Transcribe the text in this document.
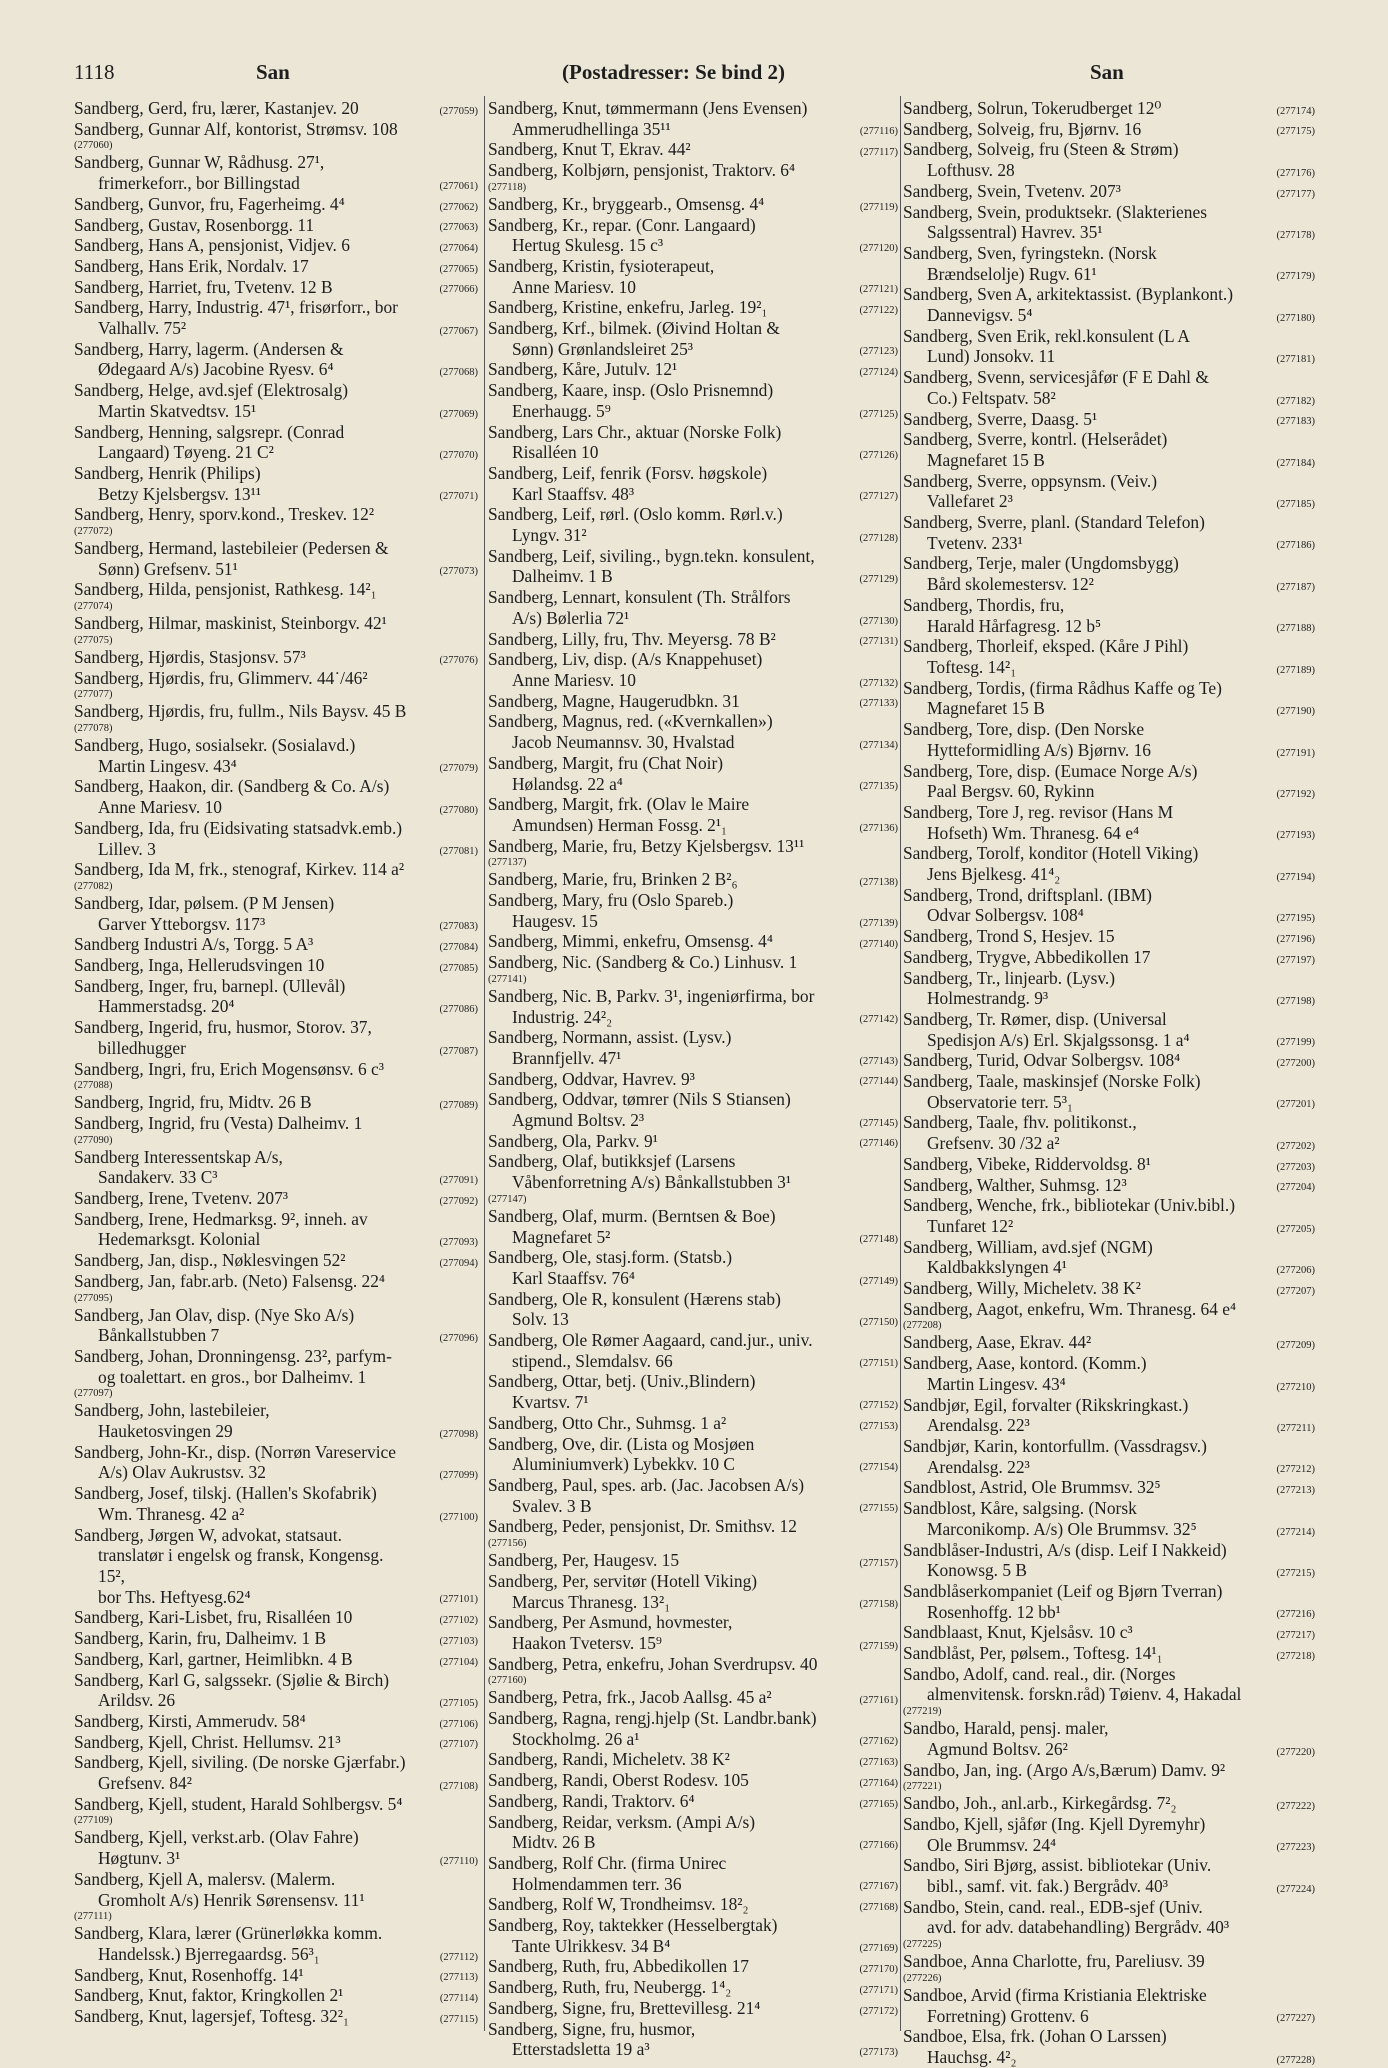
1118	San	(Postadresser: Se bind 2)	San
Sandberg, Gerd, fru, lærer, Kastanjev. 20	(277059)
Sandberg, Gunnar Alf, kontorist, Strømsv. 108
(277060)
Sandberg, Gunnar W, Rådhusg. 27¹,
frimerkeforr., bor Billingstad	(277061)
Sandberg, Gunvor, fru, Fagerheimg. 4⁴	(277062)
Sandberg, Gustav, Rosenborgg. 11	(277063)
Sandberg, Hans A, pensjonist, Vidjev. 6	(277064)
Sandberg, Hans Erik, Nordalv. 17	(277065)
Sandberg, Harriet, fru, Tvetenv. 12 B	(277066)
Sandberg, Harry, Industrig. 47¹, frisørforr., bor
Valhallv. 75²	(277067)
Sandberg, Harry, lagerm. (Andersen &
Ødegaard A/s) Jacobine Ryesv. 6⁴	(277068)
Sandberg, Helge, avd.sjef (Elektrosalg)
Martin Skatvedtsv. 15¹	(277069)
Sandberg, Henning, salgsrepr. (Conrad
Langaard) Tøyeng. 21 C²	(277070)
Sandberg, Henrik (Philips)
Betzy Kjelsbergsv. 13¹¹	(277071)
Sandberg, Henry, sporv.kond., Treskev. 12²
(277072)
Sandberg, Hermand, lastebileier (Pedersen &
Sønn) Grefsenv. 51¹	(277073)
Sandberg, Hilda, pensjonist, Rathkesg. 14²₁
(277074)
Sandberg, Hilmar, maskinist, Steinborgv. 42¹
(277075)
Sandberg, Hjørdis, Stasjonsv. 57³	(277076)
Sandberg, Hjørdis, fru, Glimmerv. 44˙/46²
(277077)
Sandberg, Hjørdis, fru, fullm., Nils Baysv. 45 B
(277078)
Sandberg, Hugo, sosialsekr. (Sosialavd.)
Martin Lingesv. 43⁴	(277079)
Sandberg, Haakon, dir. (Sandberg & Co. A/s)
Anne Mariesv. 10	(277080)
Sandberg, Ida, fru (Eidsivating statsadvk.emb.)
Lillev. 3	(277081)
Sandberg, Ida M, frk., stenograf, Kirkev. 114 a²
(277082)
Sandberg, Idar, pølsem. (P M Jensen)
Garver Ytteborgsv. 117³	(277083)
Sandberg Industri A/s, Torgg. 5 A³	(277084)
Sandberg, Inga, Hellerudsvingen 10	(277085)
Sandberg, Inger, fru, barnepl. (Ullevål)
Hammerstadsg. 20⁴	(277086)
Sandberg, Ingerid, fru, husmor, Storov. 37,
billedhugger	(277087)
Sandberg, Ingri, fru, Erich Mogensønsv. 6 c³
(277088)
Sandberg, Ingrid, fru, Midtv. 26 B	(277089)
Sandberg, Ingrid, fru (Vesta) Dalheimv. 1
(277090)
Sandberg Interessentskap A/s,
Sandakerv. 33 C³	(277091)
Sandberg, Irene, Tvetenv. 207³	(277092)
Sandberg, Irene, Hedmarksg. 9², inneh. av
Hedemarksgt. Kolonial	(277093)
Sandberg, Jan, disp., Nøklesvingen 52²	(277094)
Sandberg, Jan, fabr.arb. (Neto) Falsensg. 22⁴
(277095)
Sandberg, Jan Olav, disp. (Nye Sko A/s)
Bånkallstubben 7	(277096)
Sandberg, Johan, Dronningensg. 23², parfym-
og toalettart. en gros., bor Dalheimv. 1
(277097)
Sandberg, John, lastebileier,
Hauketosvingen 29	(277098)
Sandberg, John-Kr., disp. (Norrøn Vareservice
A/s) Olav Aukrustsv. 32	(277099)
Sandberg, Josef, tilskj. (Hallen's Skofabrik)
Wm. Thranesg. 42 a²	(277100)
Sandberg, Jørgen W, advokat, statsaut.
translatør i engelsk og fransk, Kongensg. 15²,
bor Ths. Heftyesg.62⁴	(277101)
Sandberg, Kari-Lisbet, fru, Risalléen 10	(277102)
Sandberg, Karin, fru, Dalheimv. 1 B	(277103)
Sandberg, Karl, gartner, Heimlibkn. 4 B	(277104)
Sandberg, Karl G, salgssekr. (Sjølie & Birch)
Arildsv. 26	(277105)
Sandberg, Kirsti, Ammerudv. 58⁴	(277106)
Sandberg, Kjell, Christ. Hellumsv. 21³	(277107)
Sandberg, Kjell, siviling. (De norske Gjærfabr.)
Grefsenv. 84²	(277108)
Sandberg, Kjell, student, Harald Sohlbergsv. 5⁴
(277109)
Sandberg, Kjell, verkst.arb. (Olav Fahre)
Høgtunv. 3¹	(277110)
Sandberg, Kjell A, malersv. (Malerm.
Gromholt A/s) Henrik Sørensensv. 11¹
(277111)
Sandberg, Klara, lærer (Grünerløkka komm.
Handelssk.) Bjerregaardsg. 56³₁	(277112)
Sandberg, Knut, Rosenhoffg. 14¹	(277113)
Sandberg, Knut, faktor, Kringkollen 2¹	(277114)
Sandberg, Knut, lagersjef, Toftesg. 32²₁	(277115)
Sandberg, Knut, tømmermann (Jens Evensen)
Ammerudhellinga 35¹¹	(277116)
Sandberg, Knut T, Ekrav. 44²	(277117)
Sandberg, Kolbjørn, pensjonist, Traktorv. 6⁴
(277118)
Sandberg, Kr., bryggearb., Omsensg. 4⁴	(277119)
Sandberg, Kr., repar. (Conr. Langaard)
Hertug Skulesg. 15 c³	(277120)
Sandberg, Kristin, fysioterapeut,
Anne Mariesv. 10	(277121)
Sandberg, Kristine, enkefru, Jarleg. 19²₁	(277122)
Sandberg, Krf., bilmek. (Øivind Holtan &
Sønn) Grønlandsleiret 25³	(277123)
Sandberg, Kåre, Jutulv. 12¹	(277124)
Sandberg, Kaare, insp. (Oslo Prisnemnd)
Enerhaugg. 5⁹	(277125)
Sandberg, Lars Chr., aktuar (Norske Folk)
Risalléen 10	(277126)
Sandberg, Leif, fenrik (Forsv. høgskole)
Karl Staaffsv. 48³	(277127)
Sandberg, Leif, rørl. (Oslo komm. Rørl.v.)
Lyngv. 31²	(277128)
Sandberg, Leif, siviling., bygn.tekn. konsulent,
Dalheimv. 1 B	(277129)
Sandberg, Lennart, konsulent (Th. Strålfors
A/s) Bølerlia 72¹	(277130)
Sandberg, Lilly, fru, Thv. Meyersg. 78 B²	(277131)
Sandberg, Liv, disp. (A/s Knappehuset)
Anne Mariesv. 10	(277132)
Sandberg, Magne, Haugerudbkn. 31	(277133)
Sandberg, Magnus, red. («Kvernkallen»)
Jacob Neumannsv. 30, Hvalstad	(277134)
Sandberg, Margit, fru (Chat Noir)
Hølandsg. 22 a⁴	(277135)
Sandberg, Margit, frk. (Olav le Maire
Amundsen) Herman Fossg. 2¹₁	(277136)
Sandberg, Marie, fru, Betzy Kjelsbergsv. 13¹¹
(277137)
Sandberg, Marie, fru, Brinken 2 B²₆	(277138)
Sandberg, Mary, fru (Oslo Spareb.)
Haugesv. 15	(277139)
Sandberg, Mimmi, enkefru, Omsensg. 4⁴	(277140)
Sandberg, Nic. (Sandberg & Co.) Linhusv. 1
(277141)
Sandberg, Nic. B, Parkv. 3¹, ingeniørfirma, bor
Industrig. 24²₂	(277142)
Sandberg, Normann, assist. (Lysv.)
Brannfjellv. 47¹	(277143)
Sandberg, Oddvar, Havrev. 9³	(277144)
Sandberg, Oddvar, tømrer (Nils S Stiansen)
Agmund Boltsv. 2³	(277145)
Sandberg, Ola, Parkv. 9¹	(277146)
Sandberg, Olaf, butikksjef (Larsens
Våbenforretning A/s) Bånkallstubben 3¹
(277147)
Sandberg, Olaf, murm. (Berntsen & Boe)
Magnefaret 5²	(277148)
Sandberg, Ole, stasj.form. (Statsb.)
Karl Staaffsv. 76⁴	(277149)
Sandberg, Ole R, konsulent (Hærens stab)
Solv. 13	(277150)
Sandberg, Ole Rømer Aagaard, cand.jur., univ.
stipend., Slemdalsv. 66	(277151)
Sandberg, Ottar, betj. (Univ.,Blindern)
Kvartsv. 7¹	(277152)
Sandberg, Otto Chr., Suhmsg. 1 a²	(277153)
Sandberg, Ove, dir. (Lista og Mosjøen
Aluminiumverk) Lybekkv. 10 C	(277154)
Sandberg, Paul, spes. arb. (Jac. Jacobsen A/s)
Svalev. 3 B	(277155)
Sandberg, Peder, pensjonist, Dr. Smithsv. 12
(277156)
Sandberg, Per, Haugesv. 15	(277157)
Sandberg, Per, servitør (Hotell Viking)
Marcus Thranesg. 13²₁	(277158)
Sandberg, Per Asmund, hovmester,
Haakon Tvetersv. 15⁹	(277159)
Sandberg, Petra, enkefru, Johan Sverdrupsv. 40
(277160)
Sandberg, Petra, frk., Jacob Aallsg. 45 a²	(277161)
Sandberg, Ragna, rengj.hjelp (St. Landbr.bank)
Stockholmg. 26 a¹	(277162)
Sandberg, Randi, Micheletv. 38 K²	(277163)
Sandberg, Randi, Oberst Rodesv. 105	(277164)
Sandberg, Randi, Traktorv. 6⁴	(277165)
Sandberg, Reidar, verksm. (Ampi A/s)
Midtv. 26 B	(277166)
Sandberg, Rolf Chr. (firma Unirec
Holmendammen terr. 36	(277167)
Sandberg, Rolf W, Trondheimsv. 18²₂	(277168)
Sandberg, Roy, taktekker (Hesselbergtak)
Tante Ulrikkesv. 34 B⁴	(277169)
Sandberg, Ruth, fru, Abbedikollen 17	(277170)
Sandberg, Ruth, fru, Neubergg. 1⁴₂	(277171)
Sandberg, Signe, fru, Brettevillesg. 21⁴	(277172)
Sandberg, Signe, fru, husmor,
Etterstadsletta 19 a³	(277173)
Sandberg, Solrun, Tokerudberget 12⁰	(277174)
Sandberg, Solveig, fru, Bjørnv. 16	(277175)
Sandberg, Solveig, fru (Steen & Strøm)
Lofthusv. 28	(277176)
Sandberg, Svein, Tvetenv. 207³	(277177)
Sandberg, Svein, produktsekr. (Slakterienes
Salgssentral) Havrev. 35¹	(277178)
Sandberg, Sven, fyringstekn. (Norsk
Brændselolje) Rugv. 61¹	(277179)
Sandberg, Sven A, arkitektassist. (Byplankont.)
Dannevigsv. 5⁴	(277180)
Sandberg, Sven Erik, rekl.konsulent (L A
Lund) Jonsokv. 11	(277181)
Sandberg, Svenn, servicesjåfør (F E Dahl &
Co.) Feltspatv. 58²	(277182)
Sandberg, Sverre, Daasg. 5¹	(277183)
Sandberg, Sverre, kontrl. (Helserådet)
Magnefaret 15 B	(277184)
Sandberg, Sverre, oppsynsm. (Veiv.)
Vallefaret 2³	(277185)
Sandberg, Sverre, planl. (Standard Telefon)
Tvetenv. 233¹	(277186)
Sandberg, Terje, maler (Ungdomsbygg)
Bård skolemestersv. 12²	(277187)
Sandberg, Thordis, fru,
Harald Hårfagresg. 12 b⁵	(277188)
Sandberg, Thorleif, eksped. (Kåre J Pihl)
Toftesg. 14²₁	(277189)
Sandberg, Tordis, (firma Rådhus Kaffe og Te)
Magnefaret 15 B	(277190)
Sandberg, Tore, disp. (Den Norske
Hytteformidling A/s) Bjørnv. 16	(277191)
Sandberg, Tore, disp. (Eumace Norge A/s)
Paal Bergsv. 60, Rykinn	(277192)
Sandberg, Tore J, reg. revisor (Hans M
Hofseth) Wm. Thranesg. 64 e⁴	(277193)
Sandberg, Torolf, konditor (Hotell Viking)
Jens Bjelkesg. 41⁴₂	(277194)
Sandberg, Trond, driftsplanl. (IBM)
Odvar Solbergsv. 108⁴	(277195)
Sandberg, Trond S, Hesjev. 15	(277196)
Sandberg, Trygve, Abbedikollen 17	(277197)
Sandberg, Tr., linjearb. (Lysv.)
Holmestrandg. 9³	(277198)
Sandberg, Tr. Rømer, disp. (Universal
Spedisjon A/s) Erl. Skjalgssonsg. 1 a⁴	(277199)
Sandberg, Turid, Odvar Solbergsv. 108⁴	(277200)
Sandberg, Taale, maskinsjef (Norske Folk)
Observatorie terr. 5³₁	(277201)
Sandberg, Taale, fhv. politikonst.,
Grefsenv. 30 /32 a²	(277202)
Sandberg, Vibeke, Riddervoldsg. 8¹	(277203)
Sandberg, Walther, Suhmsg. 12³	(277204)
Sandberg, Wenche, frk., bibliotekar (Univ.bibl.)
Tunfaret 12²	(277205)
Sandberg, William, avd.sjef (NGM)
Kaldbakkslyngen 4¹	(277206)
Sandberg, Willy, Micheletv. 38 K²	(277207)
Sandberg, Aagot, enkefru, Wm. Thranesg. 64 e⁴
(277208)
Sandberg, Aase, Ekrav. 44²	(277209)
Sandberg, Aase, kontord. (Komm.)
Martin Lingesv. 43⁴	(277210)
Sandbjør, Egil, forvalter (Rikskringkast.)
Arendalsg. 22³	(277211)
Sandbjør, Karin, kontorfullm. (Vassdragsv.)
Arendalsg. 22³	(277212)
Sandblost, Astrid, Ole Brummsv. 32⁵	(277213)
Sandblost, Kåre, salgsing. (Norsk
Marconikomp. A/s) Ole Brummsv. 32⁵	(277214)
Sandblåser-Industri, A/s (disp. Leif I Nakkeid)
Konowsg. 5 B	(277215)
Sandblåserkompaniet (Leif og Bjørn Tverran)
Rosenhoffg. 12 bb¹	(277216)
Sandblaast, Knut, Kjelsåsv. 10 c³	(277217)
Sandblåst, Per, pølsem., Toftesg. 14¹₁	(277218)
Sandbo, Adolf, cand. real., dir. (Norges
almenvitensk. forskn.råd) Tøienv. 4, Hakadal
(277219)
Sandbo, Harald, pensj. maler,
Agmund Boltsv. 26²	(277220)
Sandbo, Jan, ing. (Argo A/s,Bærum) Damv. 9²
(277221)
Sandbo, Joh., anl.arb., Kirkegårdsg. 7²₂	(277222)
Sandbo, Kjell, sjåfør (Ing. Kjell Dyremyhr)
Ole Brummsv. 24⁴	(277223)
Sandbo, Siri Bjørg, assist. bibliotekar (Univ.
bibl., samf. vit. fak.) Bergrådv. 40³	(277224)
Sandbo, Stein, cand. real., EDB-sjef (Univ.
avd. for adv. databehandling) Bergrådv. 40³
(277225)
Sandboe, Anna Charlotte, fru, Pareliusv. 39
(277226)
Sandboe, Arvid (firma Kristiania Elektriske
Forretning) Grottenv. 6	(277227)
Sandboe, Elsa, frk. (Johan O Larssen)
Hauchsg. 4²₂	(277228)
